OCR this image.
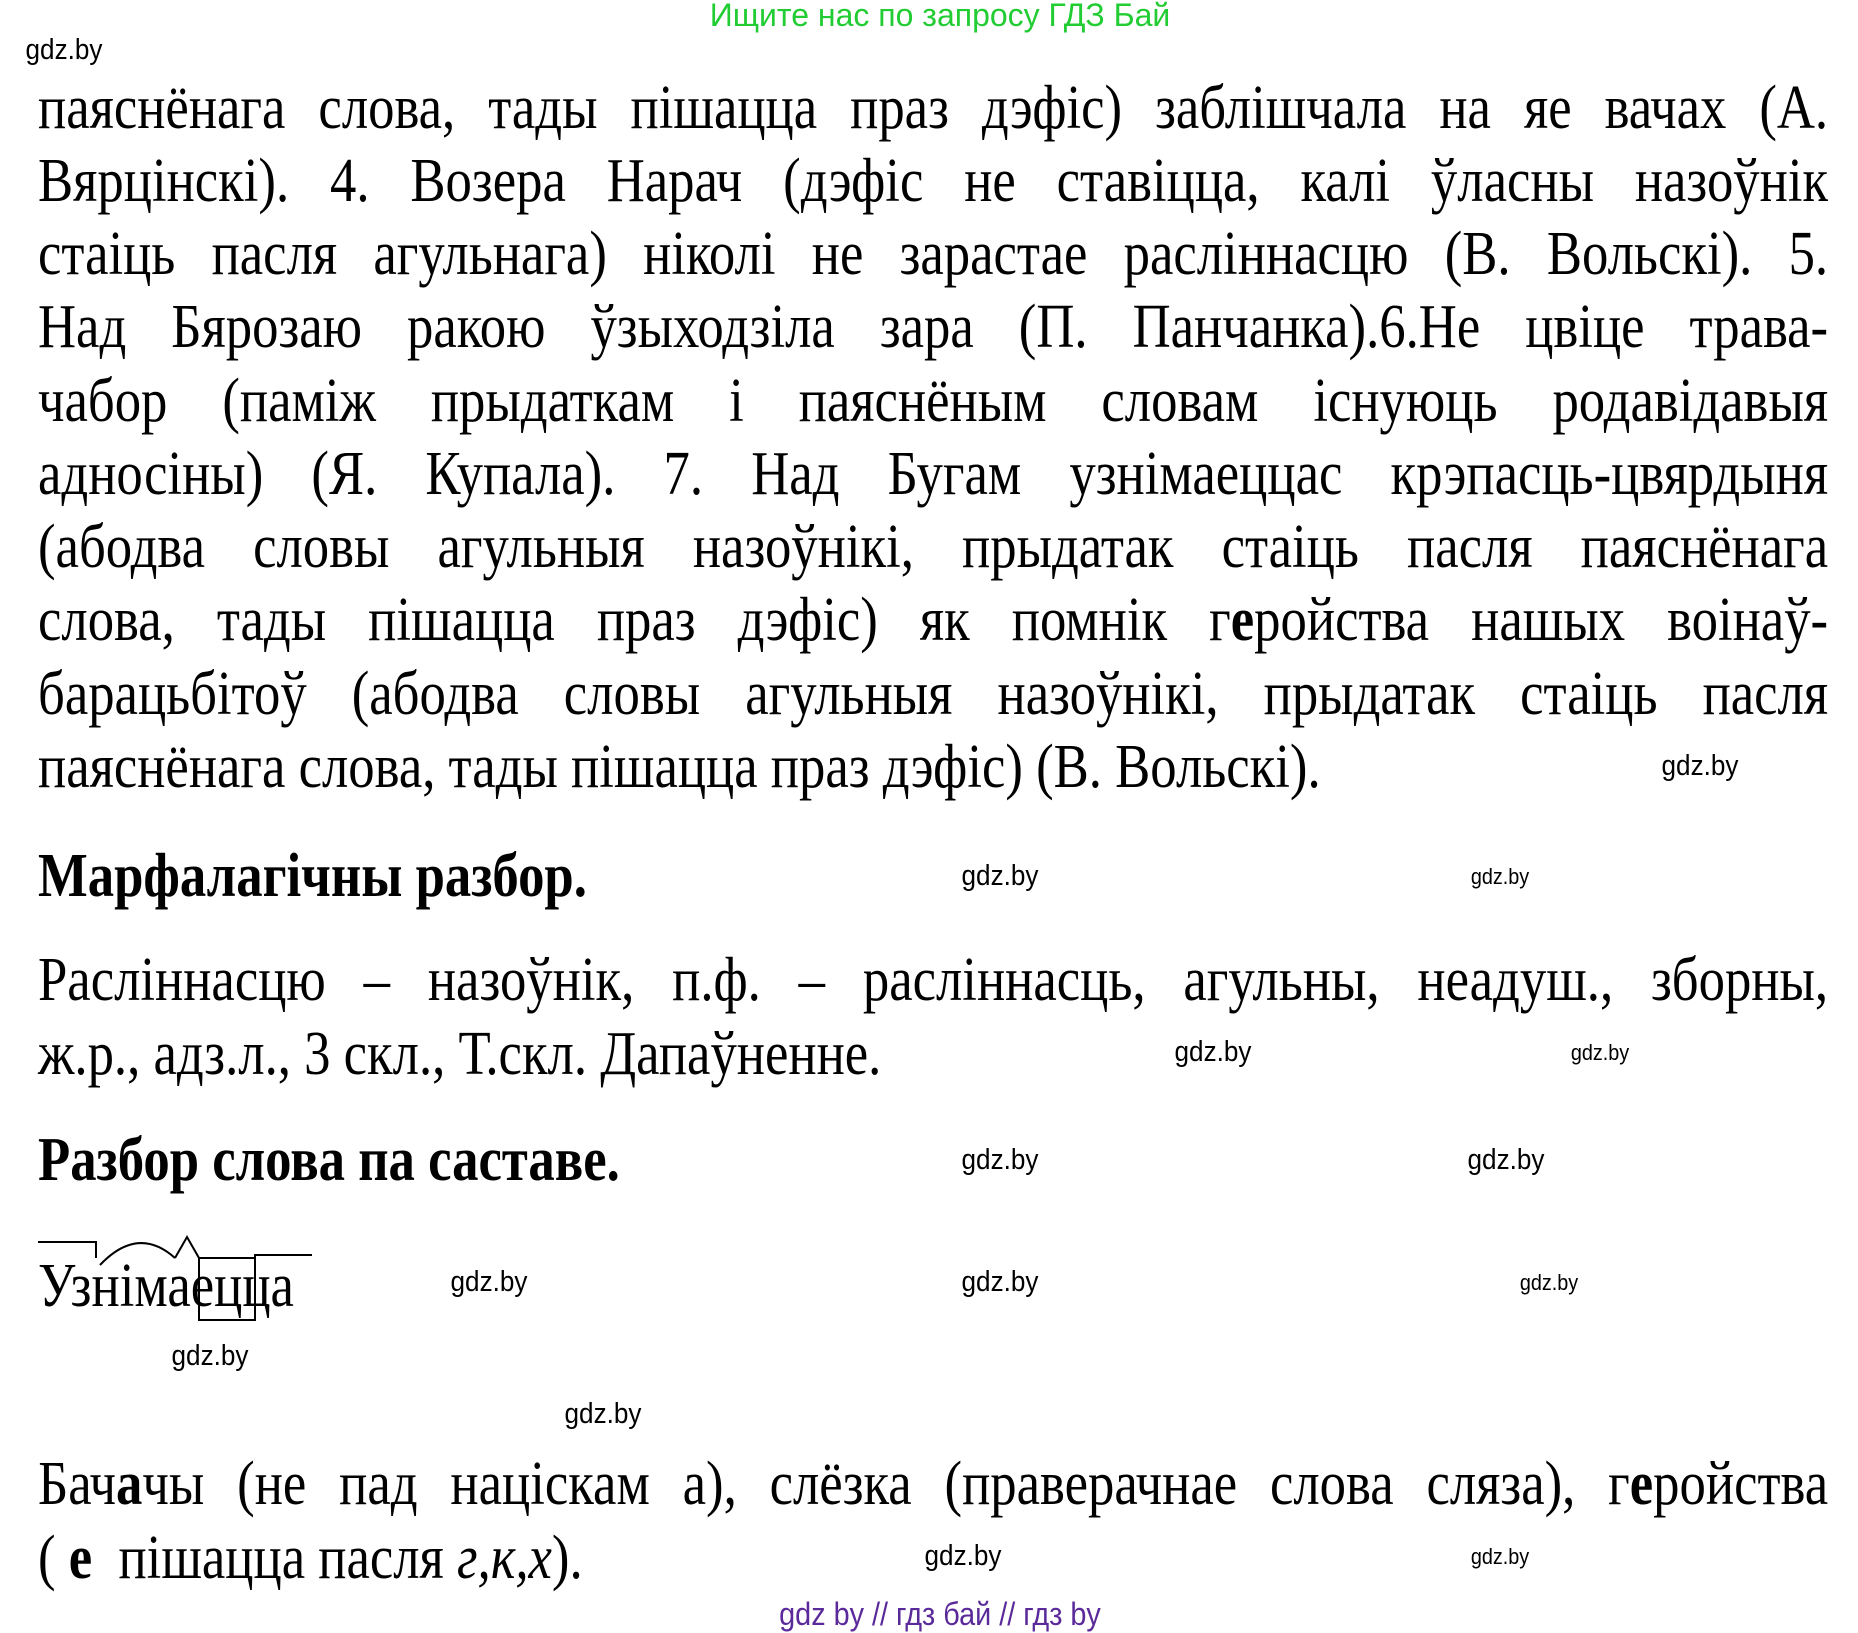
Ищите нас по запросу ГДЗ Бай
gdz.by
gdz.by
gdz.by	gdz.by
gdz.by	gdz.by
gdz.by	gdz.by
gdz.by	gdz.by	gdz.by
gdz.by
gdz.by
gdz.by	gdz.by
паяснёнага слова, тады пішацца праз дэфіс) заблішчала на яе вачах (А.
Вярцінскі). 4. Возера Нарач (дэфіс не ставіцца, калі ўласны назоўнік
стаіць пасля агульнага) ніколі не зарастае расліннасцю (В. Вольскі). 5.
Над Бярозаю ракою ўзыходзіла зара (П. Панчанка).6.Не цвіце трава-
чабор (паміж прыдаткам і паяснёным словам існуюць родавідавыя
адносіны) (Я. Купала). 7. Над Бугам узнімаеццас крэпасць-цвярдыня
(абодва словы агульныя назоўнікі, прыдатак стаіць пасля паяснёнага
слова, тады пішацца праз дэфіс) як помнік геройства нашых воінаў-
барацьбітоў (абодва словы агульныя назоўнікі, прыдатак стаіць пасля
паяснёнага слова, тады пішацца праз дэфіс) (В. Вольскі).
Марфалагічны разбор.
Расліннасцю – назоўнік, п.ф. – расліннасць, агульны, неадуш., зборны,
ж.р., адз.л., 3 скл., Т.скл. Дапаўненне.
Разбор слова па саставе.
Узнімаецца
Бачачы (не пад націскам а), слёзка (праверачнае слова сляза), геройства
( е  пішацца пасля г,к,х).
gdz by // гдз бай // гдз by
